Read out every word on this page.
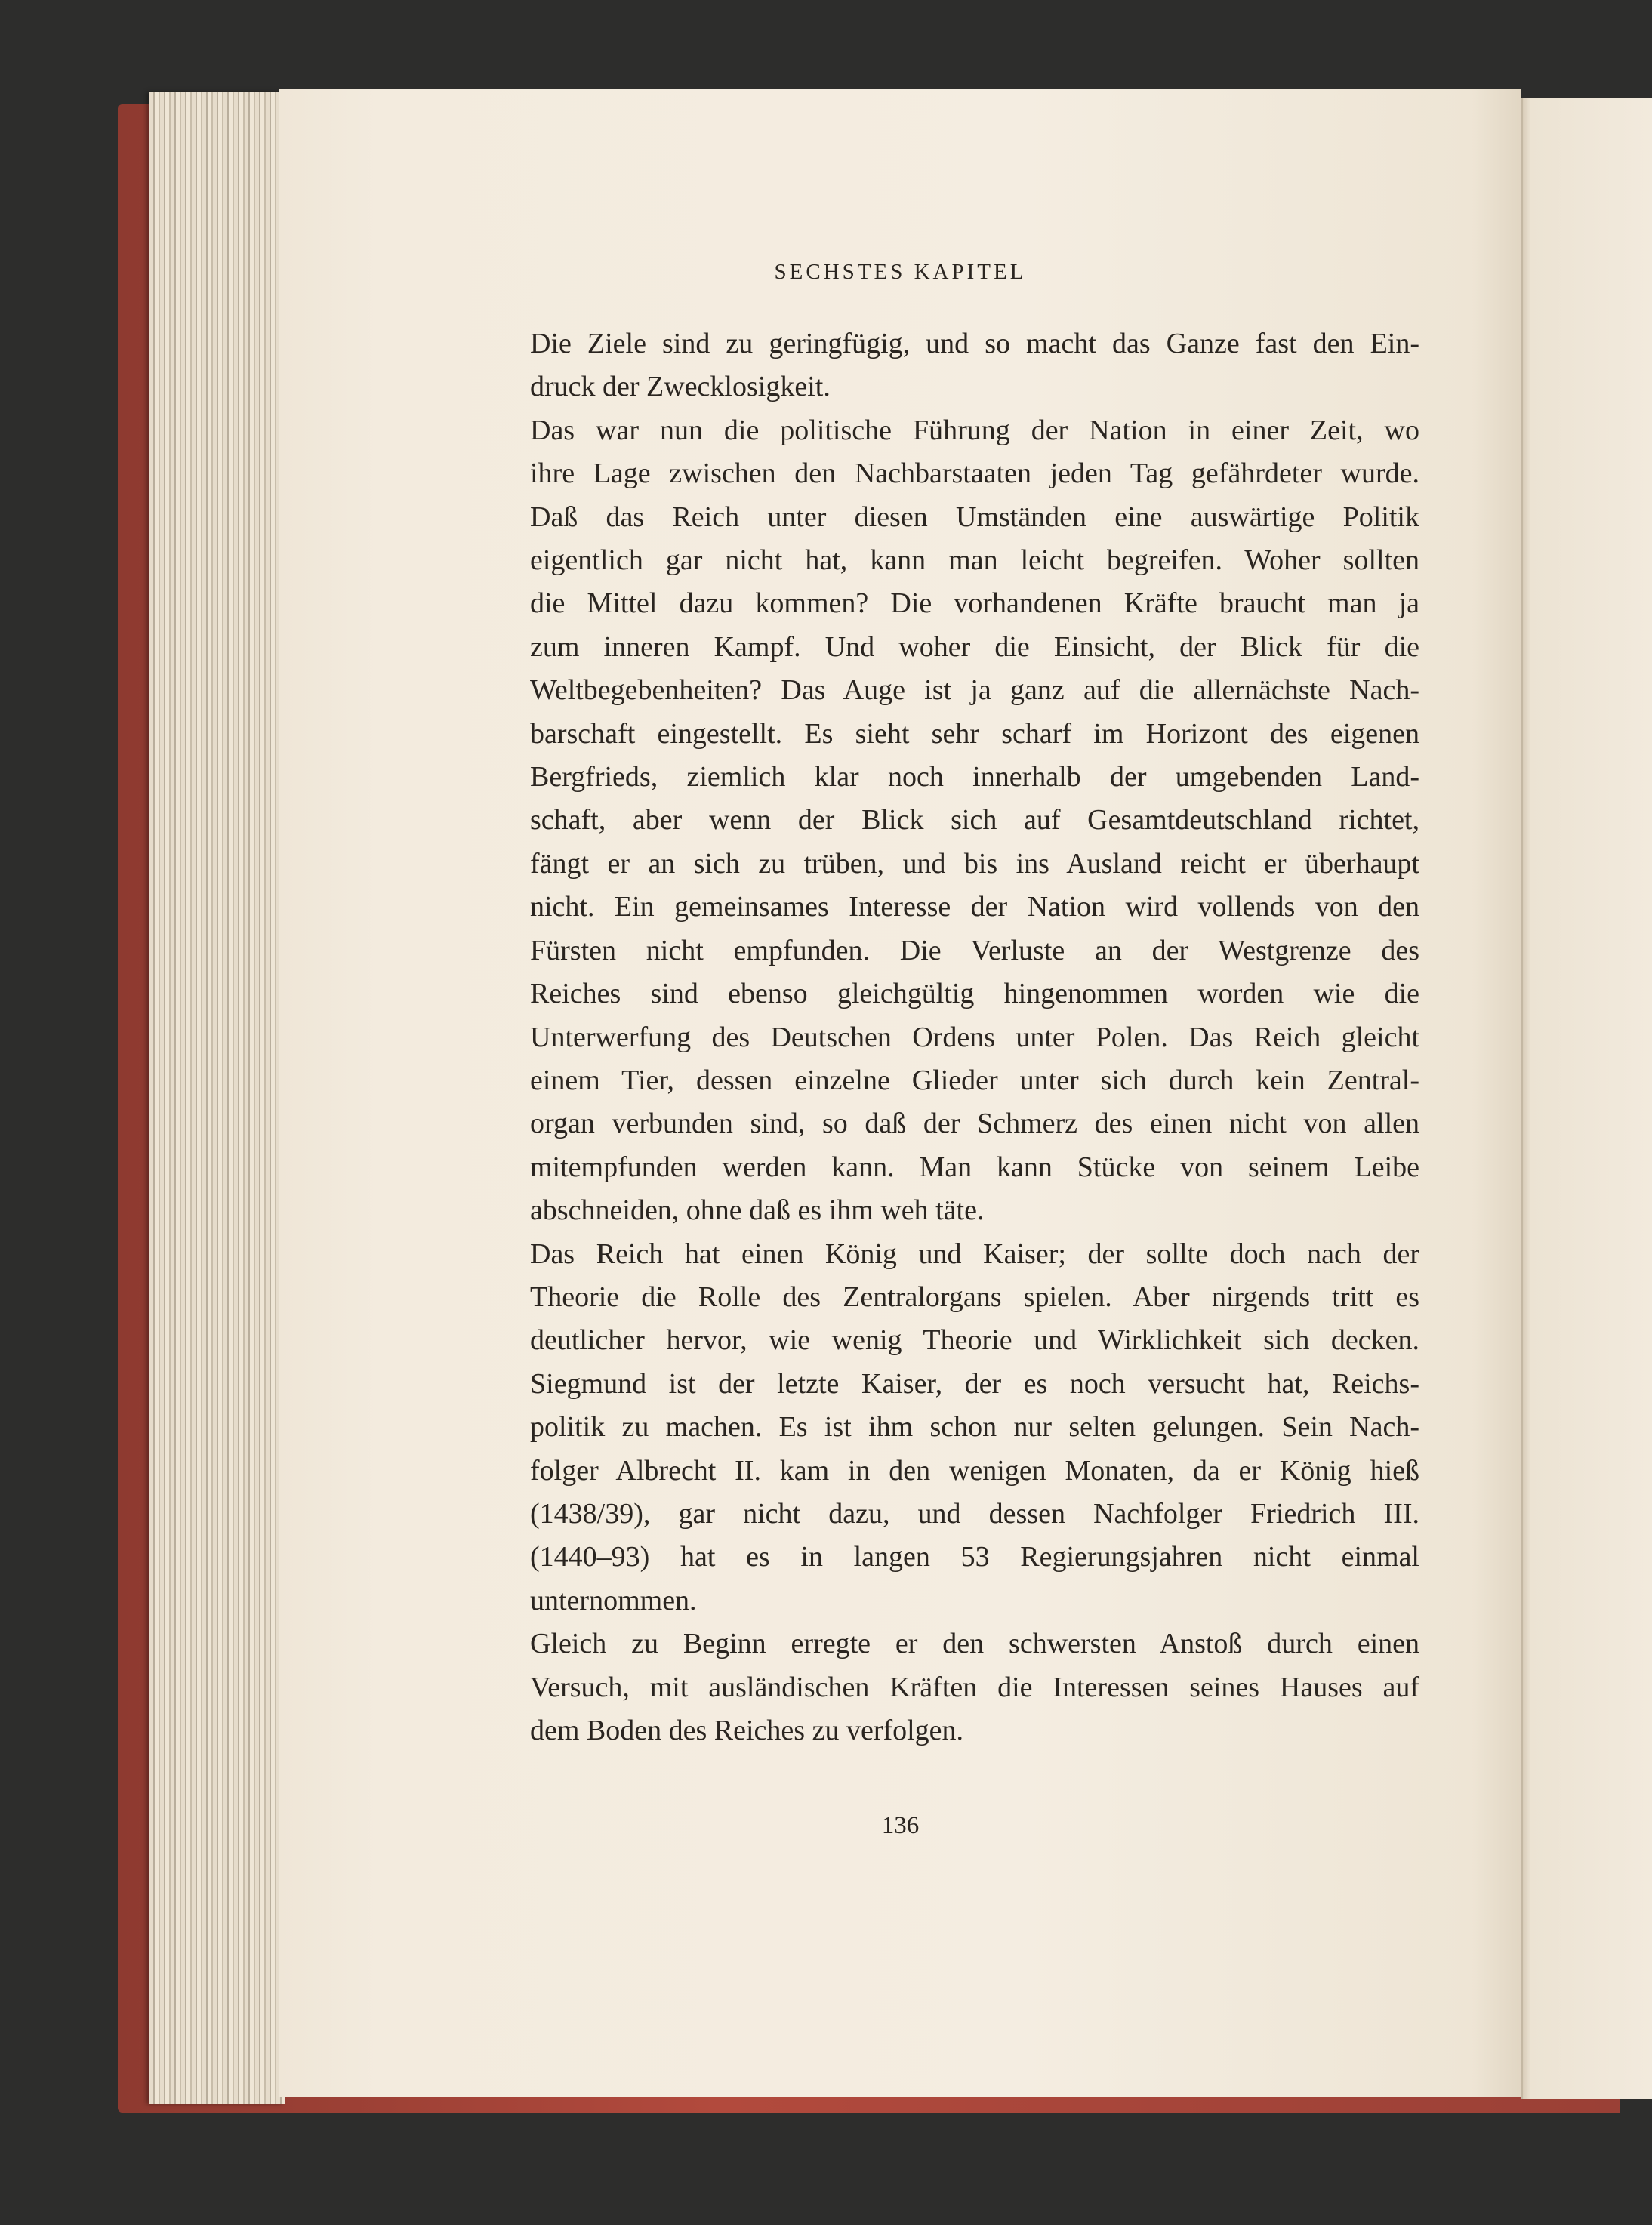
SECHSTES KAPITEL

Die Ziele sind zu geringfügig, und so macht das Ganze fast den Ein-
druck der Zwecklosigkeit.
Das war nun die politische Führung der Nation in einer Zeit, wo
ihre Lage zwischen den Nachbarstaaten jeden Tag gefährdeter wurde.
Daß das Reich unter diesen Umständen eine auswärtige Politik
eigentlich gar nicht hat, kann man leicht begreifen. Woher sollten
die Mittel dazu kommen? Die vorhandenen Kräfte braucht man ja
zum inneren Kampf. Und woher die Einsicht, der Blick für die
Weltbegebenheiten? Das Auge ist ja ganz auf die allernächste Nach-
barschaft eingestellt. Es sieht sehr scharf im Horizont des eigenen
Bergfrieds, ziemlich klar noch innerhalb der umgebenden Land-
schaft, aber wenn der Blick sich auf Gesamtdeutschland richtet,
fängt er an sich zu trüben, und bis ins Ausland reicht er überhaupt
nicht. Ein gemeinsames Interesse der Nation wird vollends von den
Fürsten nicht empfunden. Die Verluste an der Westgrenze des
Reiches sind ebenso gleichgültig hingenommen worden wie die
Unterwerfung des Deutschen Ordens unter Polen. Das Reich gleicht
einem Tier, dessen einzelne Glieder unter sich durch kein Zentral-
organ verbunden sind, so daß der Schmerz des einen nicht von allen
mitempfunden werden kann. Man kann Stücke von seinem Leibe
abschneiden, ohne daß es ihm weh täte.
Das Reich hat einen König und Kaiser; der sollte doch nach der
Theorie die Rolle des Zentralorgans spielen. Aber nirgends tritt es
deutlicher hervor, wie wenig Theorie und Wirklichkeit sich decken.
Siegmund ist der letzte Kaiser, der es noch versucht hat, Reichs-
politik zu machen. Es ist ihm schon nur selten gelungen. Sein Nach-
folger Albrecht II. kam in den wenigen Monaten, da er König hieß
(1438/39), gar nicht dazu, und dessen Nachfolger Friedrich III.
(1440–93) hat es in langen 53 Regierungsjahren nicht einmal
unternommen.
Gleich zu Beginn erregte er den schwersten Anstoß durch einen
Versuch, mit ausländischen Kräften die Interessen seines Hauses auf
dem Boden des Reiches zu verfolgen.

136
